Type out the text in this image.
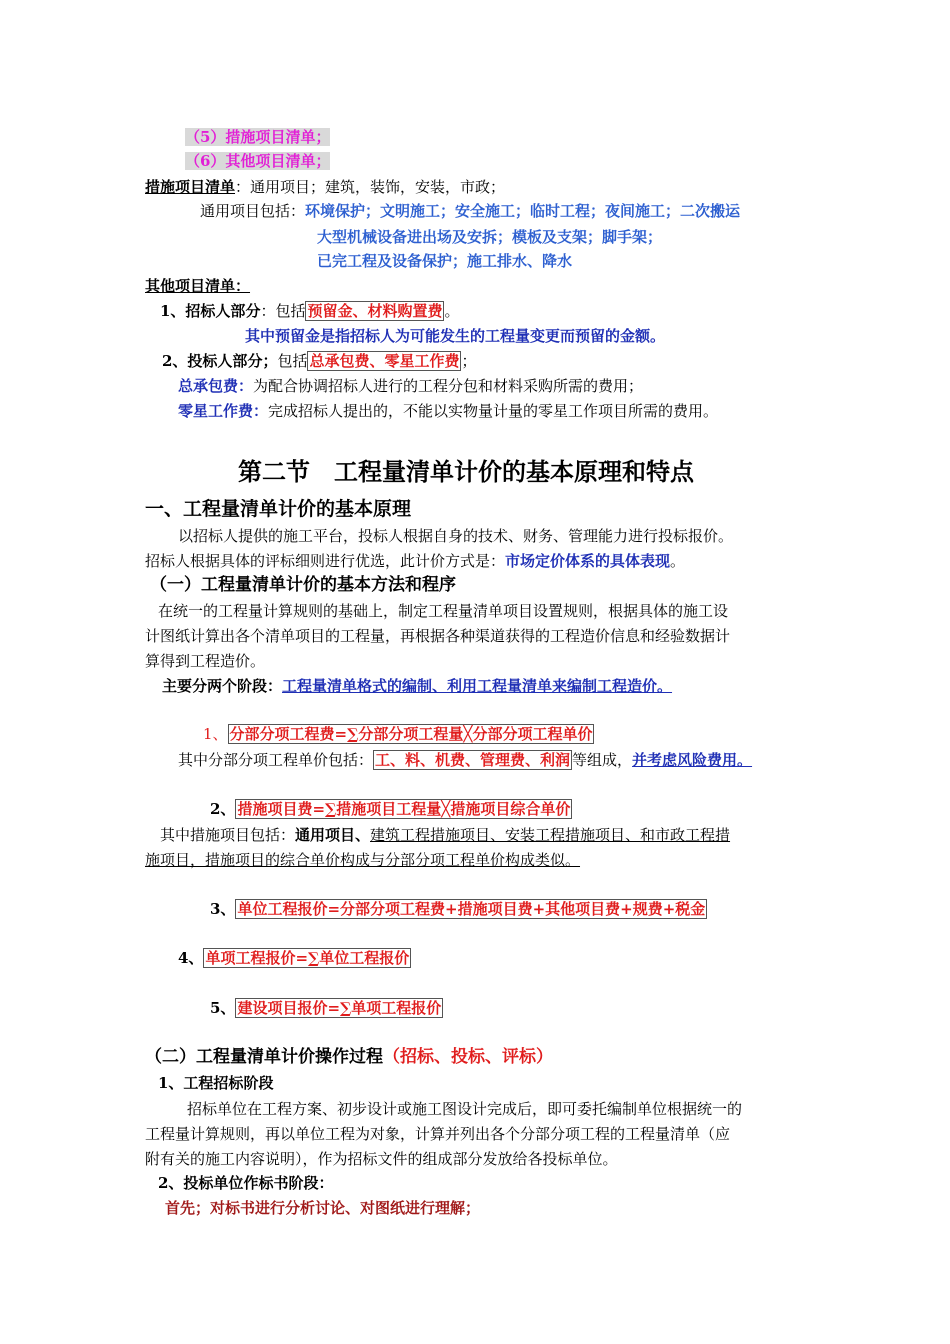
（5）措施项目清单；
（6）其他项目清单；
措施项目清单：通用项目；建筑，装饰，安装，市政；
通用项目包括：环境保护；文明施工；安全施工；临时工程；夜间施工；二次搬运
大型机械设备进出场及安拆；模板及支架；脚手架；
已完工程及设备保护；施工排水、降水
其他项目清单：
1、招标人部分：包括 预留金、材料购置费 。
其中预留金是指招标人为可能发生的工程量变更而预留的金额。
2、投标人部分；包括 总承包费、零星工作费 ；
总承包费：为配合协调招标人进行的工程分包和材料采购所需的费用；
零星工作费：完成招标人提出的，不能以实物量计量的零星工作项目所需的费用。
第二节　工程量清单计价的基本原理和特点
一、工程量清单计价的基本原理
以招标人提供的施工平台，投标人根据自身的技术、财务、管理能力进行投标报价。
招标人根据具体的评标细则进行优选，此计价方式是：市场定价体系的具体表现。
（一）工程量清单计价的基本方法和程序
在统一的工程量计算规则的基础上，制定工程量清单项目设置规则，根据具体的施工设
计图纸计算出各个清单项目的工程量，再根据各种渠道获得的工程造价信息和经验数据计
算得到工程造价。
主要分两个阶段：工程量清单格式的编制、利用工程量清单来编制工程造价。
1、 分部分项工程费=∑分部分项工程量╳分部分项工程单价
其中分部分项工程单价包括： 工、料、机费、管理费、利润 等组成，并考虑风险费用。
2、 措施项目费=∑措施项目工程量╳措施项目综合单价
其中措施项目包括：通用项目、建筑工程措施项目、安装工程措施项目、和市政工程措
施项目，措施项目的综合单价构成与分部分项工程单价构成类似。
3、 单位工程报价=分部分项工程费+措施项目费+其他项目费+规费+税金
4、 单项工程报价=∑单位工程报价
5、 建设项目报价=∑单项工程报价
（二）工程量清单计价操作过程（招标、投标、评标）
1、工程招标阶段
招标单位在工程方案、初步设计或施工图设计完成后，即可委托编制单位根据统一的
工程量计算规则，再以单位工程为对象，计算并列出各个分部分项工程的工程量清单（应
附有关的施工内容说明），作为招标文件的组成部分发放给各投标单位。
2、投标单位作标书阶段：
首先；对标书进行分析讨论、对图纸进行理解；
